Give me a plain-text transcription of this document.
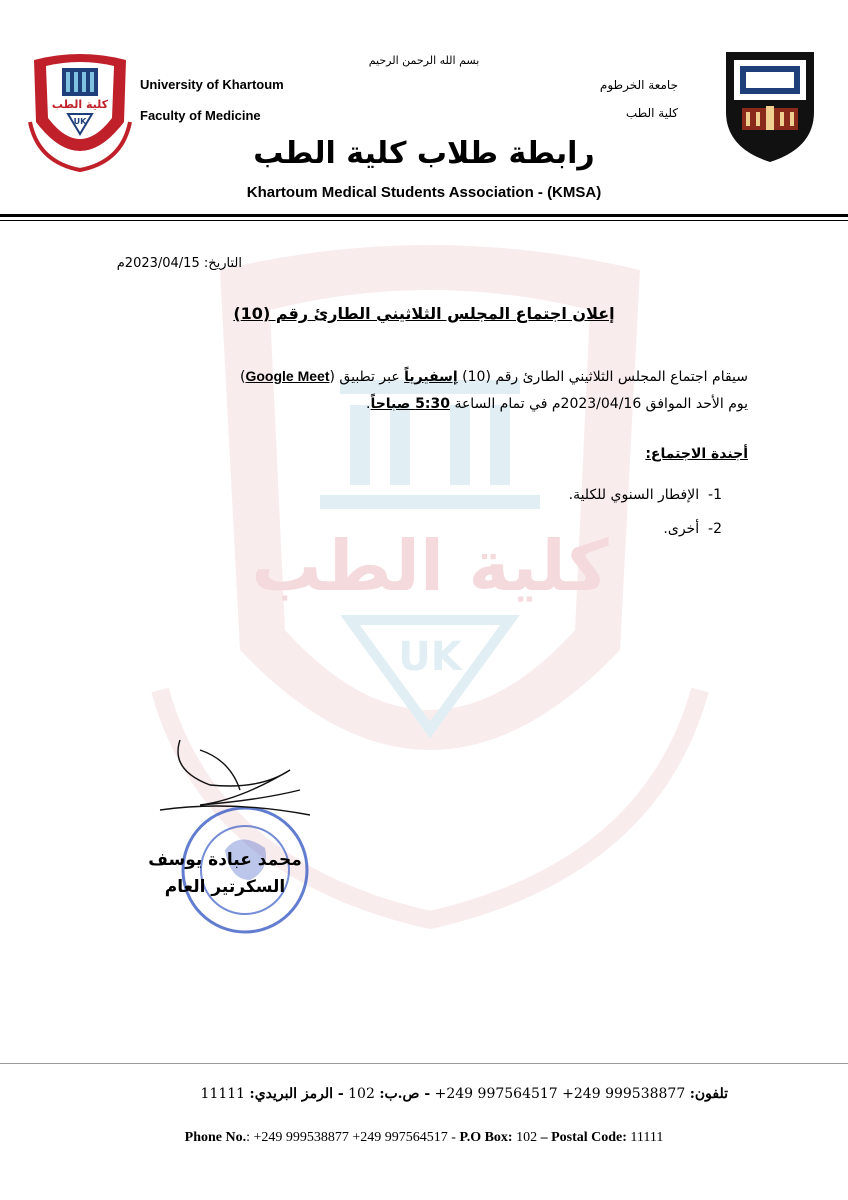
كلية الطب
UK
كلية الطب
UK
بسم الله الرحمن الرحيم
University of Khartoum
Faculty of Medicine
جامعة الخرطوم
كلية الطب
رابطة طلاب كلية الطب
Khartoum Medical Students Association - (KMSA)
التاريخ: 2023/04/15م
إعلان اجتماع المجلس الثلاثيني الطارئ رقم (10)
سيقام اجتماع المجلس الثلاثيني الطارئ رقم (10) إسفيرياً عبر تطبيق (Google Meet)
يوم الأحد الموافق 2023/04/16م في تمام الساعة 5:30 صباحاً.
أجندة الاجتماع:
1-  الإفطار السنوي للكلية.
2-  أخرى.
محمد عبادة يوسف
السكرتير العام
تلفون: 999538877 249+ 997564517 249+ - ص.ب: 102 - الرمز البريدي: 11111
Phone No.: +249 999538877 +249 997564517 - P.O Box: 102 – Postal Code: 11111
